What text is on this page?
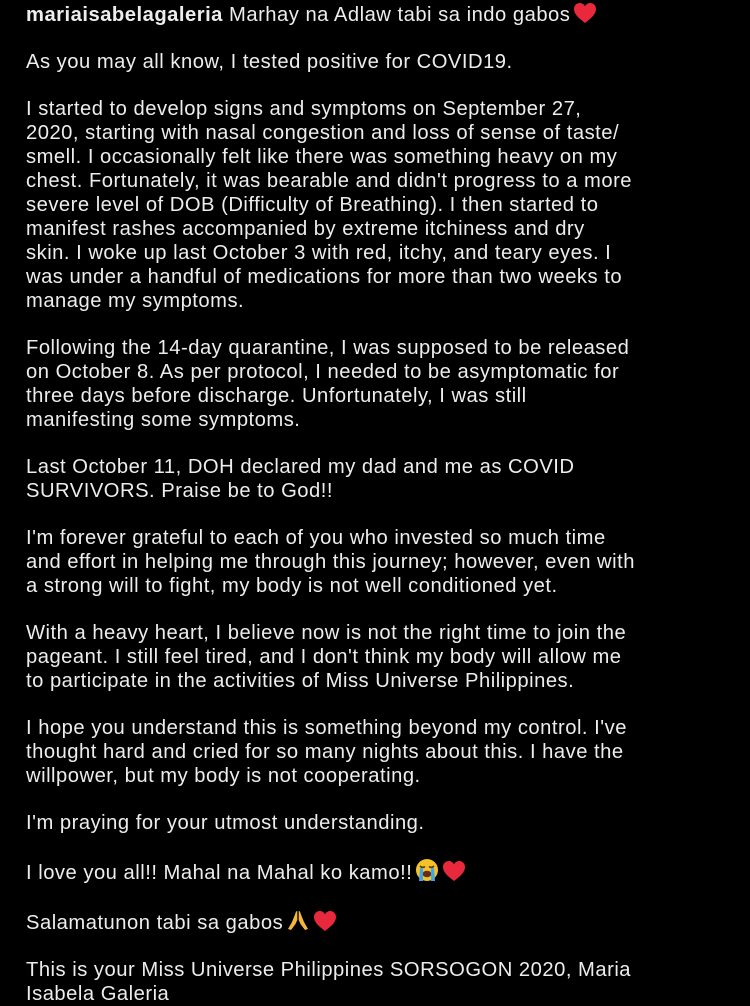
mariaisabelagaleria Marhay na Adlaw tabi sa indo gabos

As you may all know, I tested positive for COVID19.

I started to develop signs and symptoms on September 27,
2020, starting with nasal congestion and loss of sense of taste/
smell. I occasionally felt like there was something heavy on my
chest. Fortunately, it was bearable and didn't progress to a more
severe level of DOB (Difficulty of Breathing). I then started to
manifest rashes accompanied by extreme itchiness and dry
skin. I woke up last October 3 with red, itchy, and teary eyes. I
was under a handful of medications for more than two weeks to
manage my symptoms.

Following the 14-day quarantine, I was supposed to be released
on October 8. As per protocol, I needed to be asymptomatic for
three days before discharge. Unfortunately, I was still
manifesting some symptoms.

Last October 11, DOH declared my dad and me as COVID
SURVIVORS. Praise be to God!!

I'm forever grateful to each of you who invested so much time
and effort in helping me through this journey; however, even with
a strong will to fight, my body is not well conditioned yet.

With a heavy heart, I believe now is not the right time to join the
pageant. I still feel tired, and I don't think my body will allow me
to participate in the activities of Miss Universe Philippines.

I hope you understand this is something beyond my control. I've
thought hard and cried for so many nights about this. I have the
willpower, but my body is not cooperating.

I'm praying for your utmost understanding.

I love you all!! Mahal na Mahal ko kamo!!

Salamatunon tabi sa gabos

This is your Miss Universe Philippines SORSOGON 2020, Maria
Isabela Galeria
